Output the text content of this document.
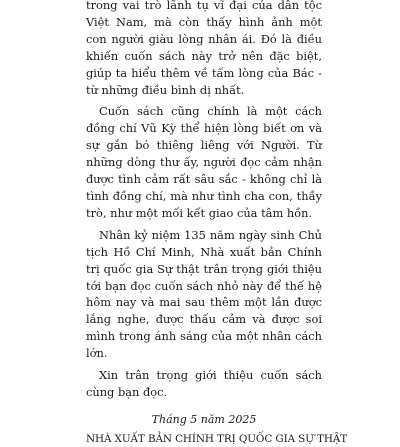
trong vai trò lãnh tụ vĩ đại của dân tộc Việt Nam, mà còn thấy hình ảnh một con người giàu lòng nhân ái. Đó là điều khiến cuốn sách này trở nên đặc biệt, giúp ta hiểu thêm về tấm lòng của Bác - từ những điều bình dị nhất.

Cuốn sách cũng chính là một cách đồng chí Vũ Kỳ thể hiện lòng biết ơn và sự gắn bó thiêng liêng với Người. Từ những dòng thư ấy, người đọc cảm nhận được tình cảm rất sâu sắc - không chỉ là tình đồng chí, mà như tình cha con, thầy trò, như một mối kết giao của tâm hồn.

Nhân kỷ niệm 135 năm ngày sinh Chủ tịch Hồ Chí Minh, Nhà xuất bản Chính trị quốc gia Sự thật trân trọng giới thiệu tới bạn đọc cuốn sách nhỏ này để thế hệ hôm nay và mai sau thêm một lần được lắng nghe, được thấu cảm và được soi mình trong ánh sáng của một nhân cách lớn.

Xin trân trọng giới thiệu cuốn sách cùng bạn đọc.

Tháng 5 năm 2025

NHÀ XUẤT BẢN CHÍNH TRỊ QUỐC GIA SỰ THẬT
